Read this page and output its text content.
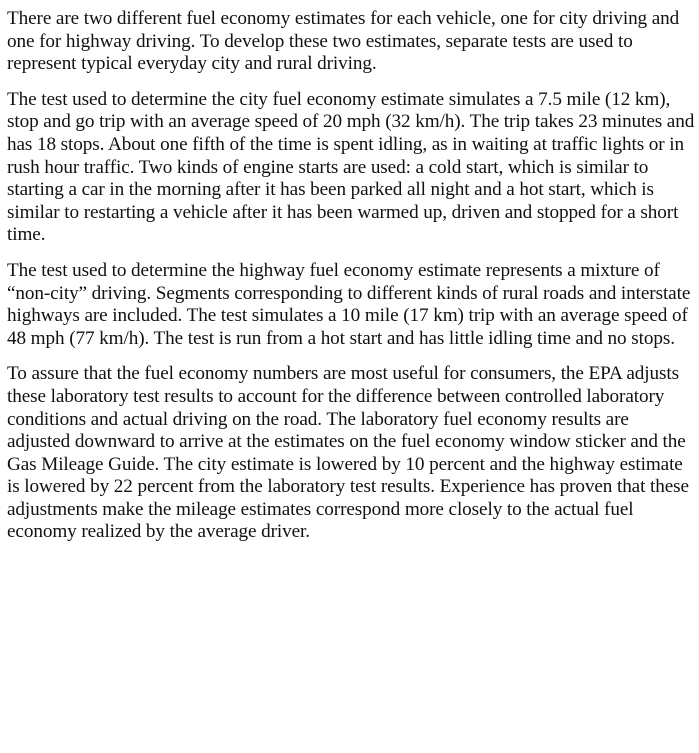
There are two different fuel economy estimates for each vehicle, one for city driving and one for highway driving. To develop these two estimates, separate tests are used to represent typical everyday city and rural driving.

The test used to determine the city fuel economy estimate simulates a 7.5 mile (12 km), stop and go trip with an average speed of 20 mph (32 km/h). The trip takes 23 minutes and has 18 stops. About one fifth of the time is spent idling, as in waiting at traffic lights or in rush hour traffic. Two kinds of engine starts are used: a cold start, which is similar to starting a car in the morning after it has been parked all night and a hot start, which is similar to restarting a vehicle after it has been warmed up, driven and stopped for a short time.

The test used to determine the highway fuel economy estimate represents a mixture of “non-city” driving. Segments corresponding to different kinds of rural roads and interstate highways are included. The test simulates a 10 mile (17 km) trip with an average speed of 48 mph (77 km/h). The test is run from a hot start and has little idling time and no stops.

To assure that the fuel economy numbers are most useful for consumers, the EPA adjusts these laboratory test results to account for the difference between controlled laboratory conditions and actual driving on the road. The laboratory fuel economy results are adjusted downward to arrive at the estimates on the fuel economy window sticker and the Gas Mileage Guide. The city estimate is lowered by 10 percent and the highway estimate is lowered by 22 percent from the laboratory test results. Experience has proven that these adjustments make the mileage estimates correspond more closely to the actual fuel economy realized by the average driver.
